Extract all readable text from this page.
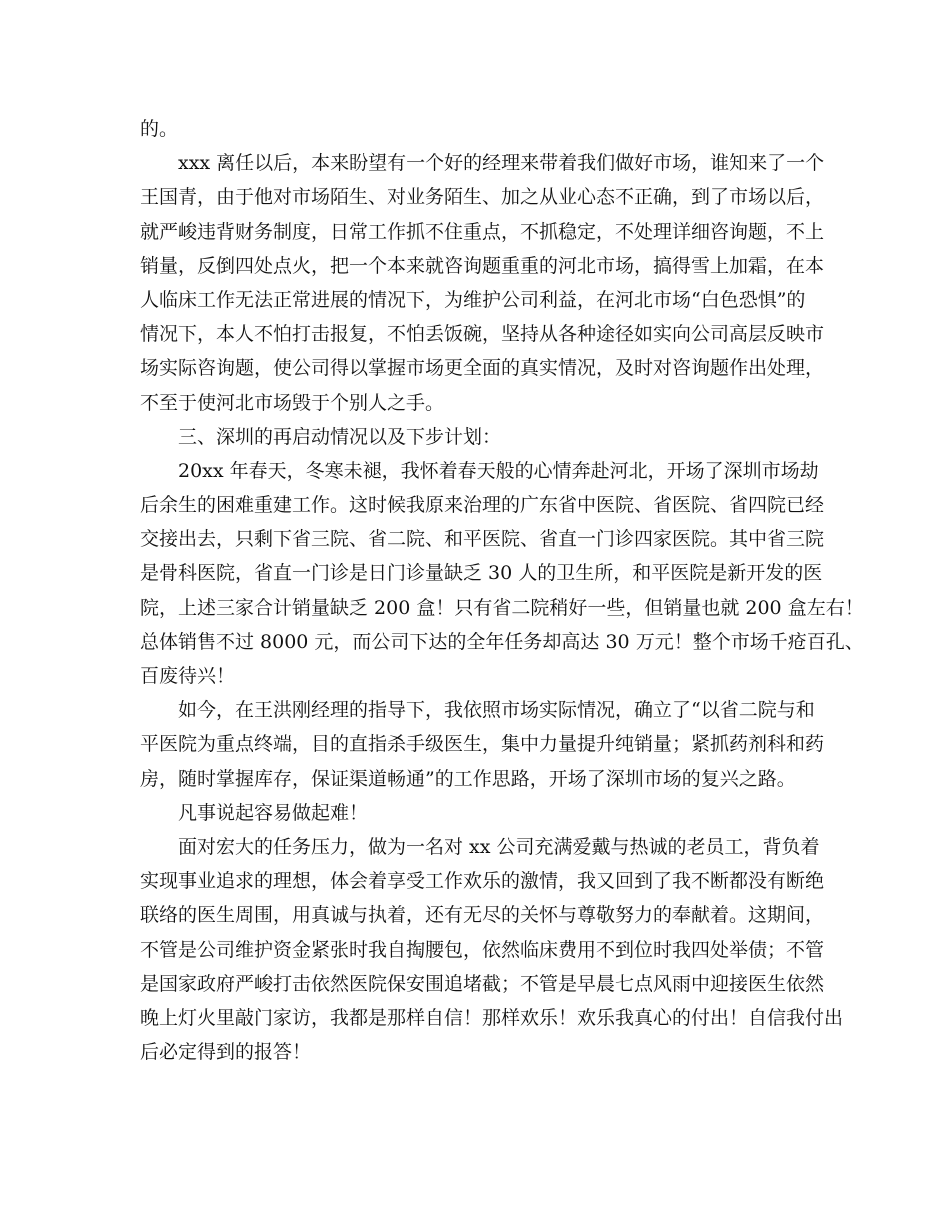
的。
xxx 离任以后，本来盼望有一个好的经理来带着我们做好市场，谁知来了一个
王国青，由于他对市场陌生、对业务陌生、加之从业心态不正确，到了市场以后，
就严峻违背财务制度，日常工作抓不住重点，不抓稳定，不处理详细咨询题，不上
销量，反倒四处点火，把一个本来就咨询题重重的河北市场，搞得雪上加霜，在本
人临床工作无法正常进展的情况下，为维护公司利益，在河北市场“白色恐惧”的
情况下，本人不怕打击报复，不怕丢饭碗，坚持从各种途径如实向公司高层反映市
场实际咨询题，使公司得以掌握市场更全面的真实情况，及时对咨询题作出处理，
不至于使河北市场毁于个别人之手。
三、深圳的再启动情况以及下步计划：
20xx 年春天，冬寒未褪，我怀着春天般的心情奔赴河北，开场了深圳市场劫
后余生的困难重建工作。这时候我原来治理的广东省中医院、省医院、省四院已经
交接出去，只剩下省三院、省二院、和平医院、省直一门诊四家医院。其中省三院
是骨科医院，省直一门诊是日门诊量缺乏 30 人的卫生所，和平医院是新开发的医
院，上述三家合计销量缺乏 200 盒！只有省二院稍好一些，但销量也就 200 盒左右！
总体销售不过 8000 元，而公司下达的全年任务却高达 30 万元！整个市场千疮百孔、
百废待兴！
如今，在王洪刚经理的指导下，我依照市场实际情况，确立了“以省二院与和
平医院为重点终端，目的直指杀手级医生，集中力量提升纯销量；紧抓药剂科和药
房，随时掌握库存，保证渠道畅通”的工作思路，开场了深圳市场的复兴之路。
凡事说起容易做起难！
面对宏大的任务压力，做为一名对 xx 公司充满爱戴与热诚的老员工，背负着
实现事业追求的理想，体会着享受工作欢乐的激情，我又回到了我不断都没有断绝
联络的医生周围，用真诚与执着，还有无尽的关怀与尊敬努力的奉献着。这期间，
不管是公司维护资金紧张时我自掏腰包，依然临床费用不到位时我四处举债；不管
是国家政府严峻打击依然医院保安围追堵截；不管是早晨七点风雨中迎接医生依然
晚上灯火里敲门家访，我都是那样自信！那样欢乐！欢乐我真心的付出！自信我付出
后必定得到的报答！
